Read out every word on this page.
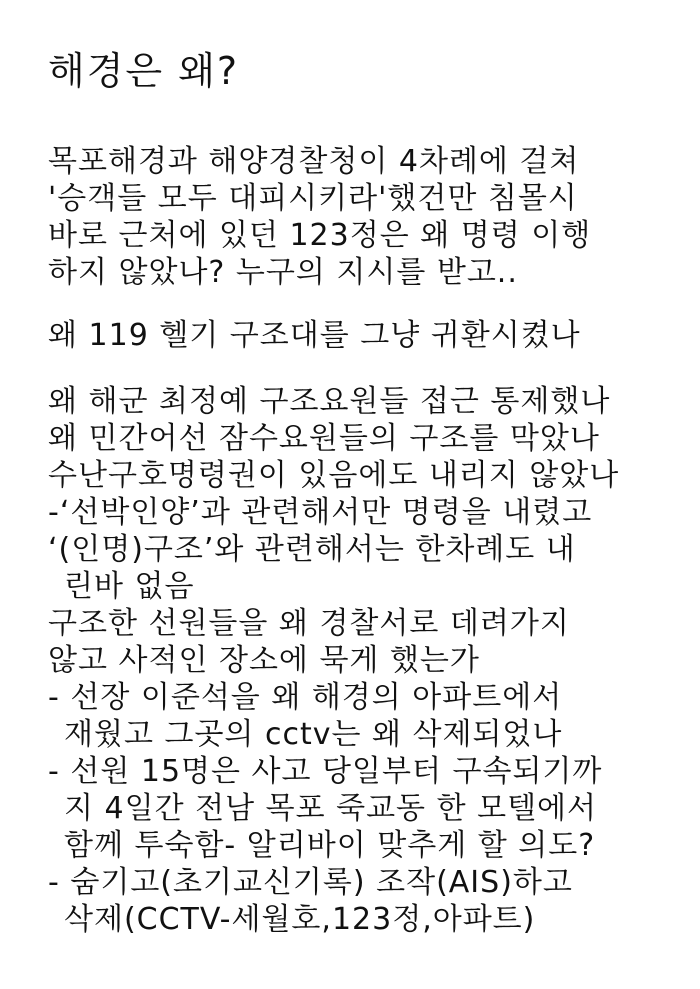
해경은 왜?
목포해경과 해양경찰청이 4차례에 걸쳐
'승객들 모두 대피시키라'했건만 침몰시
바로 근처에 있던 123정은 왜 명령 이행
하지 않았나? 누구의 지시를 받고..
왜 119 헬기 구조대를 그냥 귀환시켰나
왜 해군 최정예 구조요원들 접근 통제했나
왜 민간어선 잠수요원들의 구조를 막았나
수난구호명령권이 있음에도 내리지 않았나
-‘선박인양’과 관련해서만 명령을 내렸고
‘(인명)구조’와 관련해서는 한차례도 내
린바 없음
구조한 선원들을 왜 경찰서로 데려가지
않고 사적인 장소에 묵게 했는가
- 선장 이준석을 왜 해경의 아파트에서
재웠고 그곳의 cctv는 왜 삭제되었나
- 선원 15명은 사고 당일부터 구속되기까
지 4일간 전남 목포 죽교동 한 모텔에서
함께 투숙함- 알리바이 맞추게 할 의도?
- 숨기고(초기교신기록) 조작(AIS)하고
삭제(CCTV-세월호,123정,아파트)
